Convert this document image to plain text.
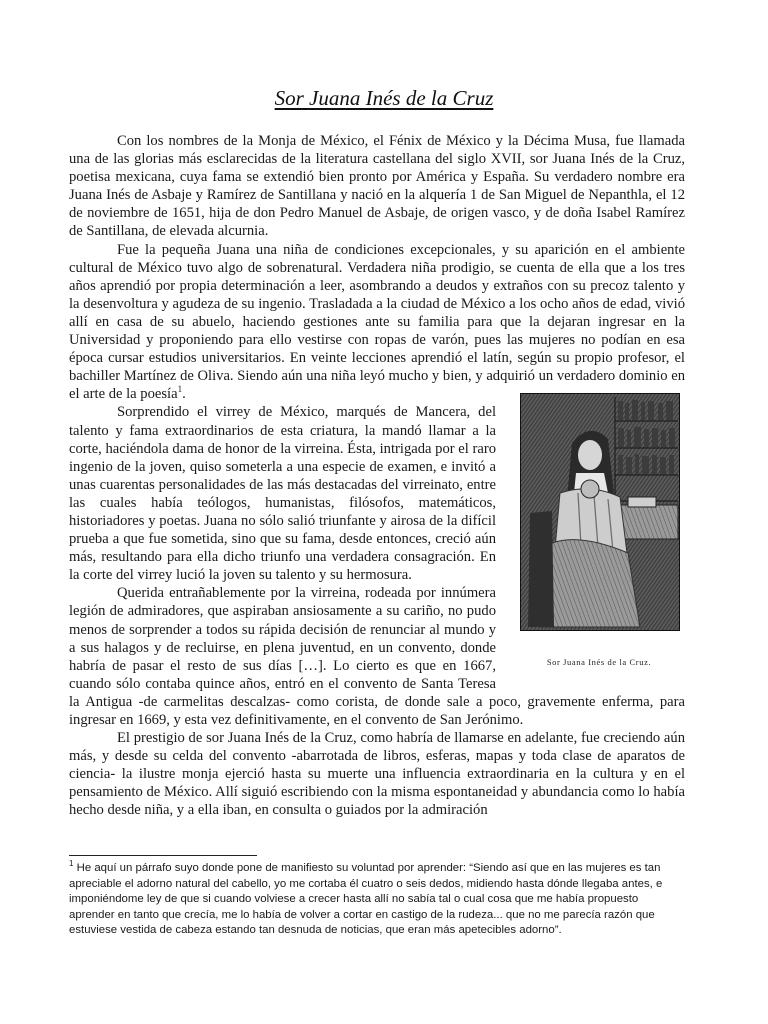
Sor Juana Inés de la Cruz

Con los nombres de la Monja de México, el Fénix de México y la Décima Musa, fue llamada una de las glorias más esclarecidas de la literatura castellana del siglo XVII, sor Juana Inés de la Cruz, poetisa mexicana, cuya fama se extendió bien pronto por América y España. Su verdadero nombre era Juana Inés de Asbaje y Ramírez de Santillana y nació en la alquería 1 de San Miguel de Nepanthla, el 12 de noviembre de 1651, hija de don Pedro Manuel de Asbaje, de origen vasco, y de doña Isabel Ramírez de Santillana, de elevada alcurnia.

Fue la pequeña Juana una niña de condiciones excepcionales, y su aparición en el ambiente cultural de México tuvo algo de sobrenatural. Verdadera niña prodigio, se cuenta de ella que a los tres años aprendió por propia determinación a leer, asombrando a deudos y extraños con su precoz talento y la desenvoltura y agudeza de su ingenio. Trasladada a la ciudad de México a los ocho años de edad, vivió allí en casa de su abuelo, haciendo gestiones ante su familia para que la dejaran ingresar en la Universidad y proponiendo para ello vestirse con ropas de varón, pues las mujeres no podían en esa época cursar estudios universitarios. En veinte lecciones aprendió el latín, según su propio profesor, el bachiller Martínez de Oliva. Siendo aún una niña leyó mucho y bien, y adquirió un verdadero dominio en el arte de la poesía$^1$.

Sor Juana Inés de la Cruz.

Sorprendido el virrey de México, marqués de Mancera, del talento y fama extraordinarios de esta criatura, la mandó llamar a la corte, haciéndola dama de honor de la virreina. Ésta, intrigada por el raro ingenio de la joven, quiso someterla a una especie de examen, e invitó a unas cuarentas personalidades de las más destacadas del virreinato, entre las cuales había teólogos, humanistas, filósofos, matemáticos, historiadores y poetas. Juana no sólo salió triunfante y airosa de la difícil prueba a que fue sometida, sino que su fama, desde entonces, creció aún más, resultando para ella dicho triunfo una verdadera consagración. En la corte del virrey lució la joven su talento y su hermosura.

Querida entrañablemente por la virreina, rodeada por innúmera legión de admiradores, que aspiraban ansiosamente a su cariño, no pudo menos de sorprender a todos su rápida decisión de renunciar al mundo y a sus halagos y de recluirse, en plena juventud, en un convento, donde habría de pasar el resto de sus días […]. Lo cierto es que en 1667, cuando sólo contaba quince años, entró en el convento de Santa Teresa la Antigua -de carmelitas descalzas- como corista, de donde sale a poco, gravemente enferma, para ingresar en 1669, y esta vez definitivamente, en el convento de San Jerónimo.

El prestigio de sor Juana Inés de la Cruz, como habría de llamarse en adelante, fue creciendo aún más, y desde su celda del convento -abarrotada de libros, esferas, mapas y toda clase de aparatos de ciencia- la ilustre monja ejerció hasta su muerte una influencia extraordinaria en la cultura y en el pensamiento de México. Allí siguió escribiendo con la misma espontaneidad y abundancia como lo había hecho desde niña, y a ella iban, en consulta o guiados por la admiración

$^1$ He aquí un párrafo suyo donde pone de manifiesto su voluntad por aprender: “Siendo así que en las mujeres es tan apreciable el adorno natural del cabello, yo me cortaba él cuatro o seis dedos, midiendo hasta dónde llegaba antes, e imponiéndome ley de que si cuando volviese a crecer hasta allí no sabía tal o cual cosa que me había propuesto aprender en tanto que crecía, me lo había de volver a cortar en castigo de la rudeza... que no me parecía razón que estuviese vestida de cabeza estando tan desnuda de noticias, que eran más apetecibles adorno”.
